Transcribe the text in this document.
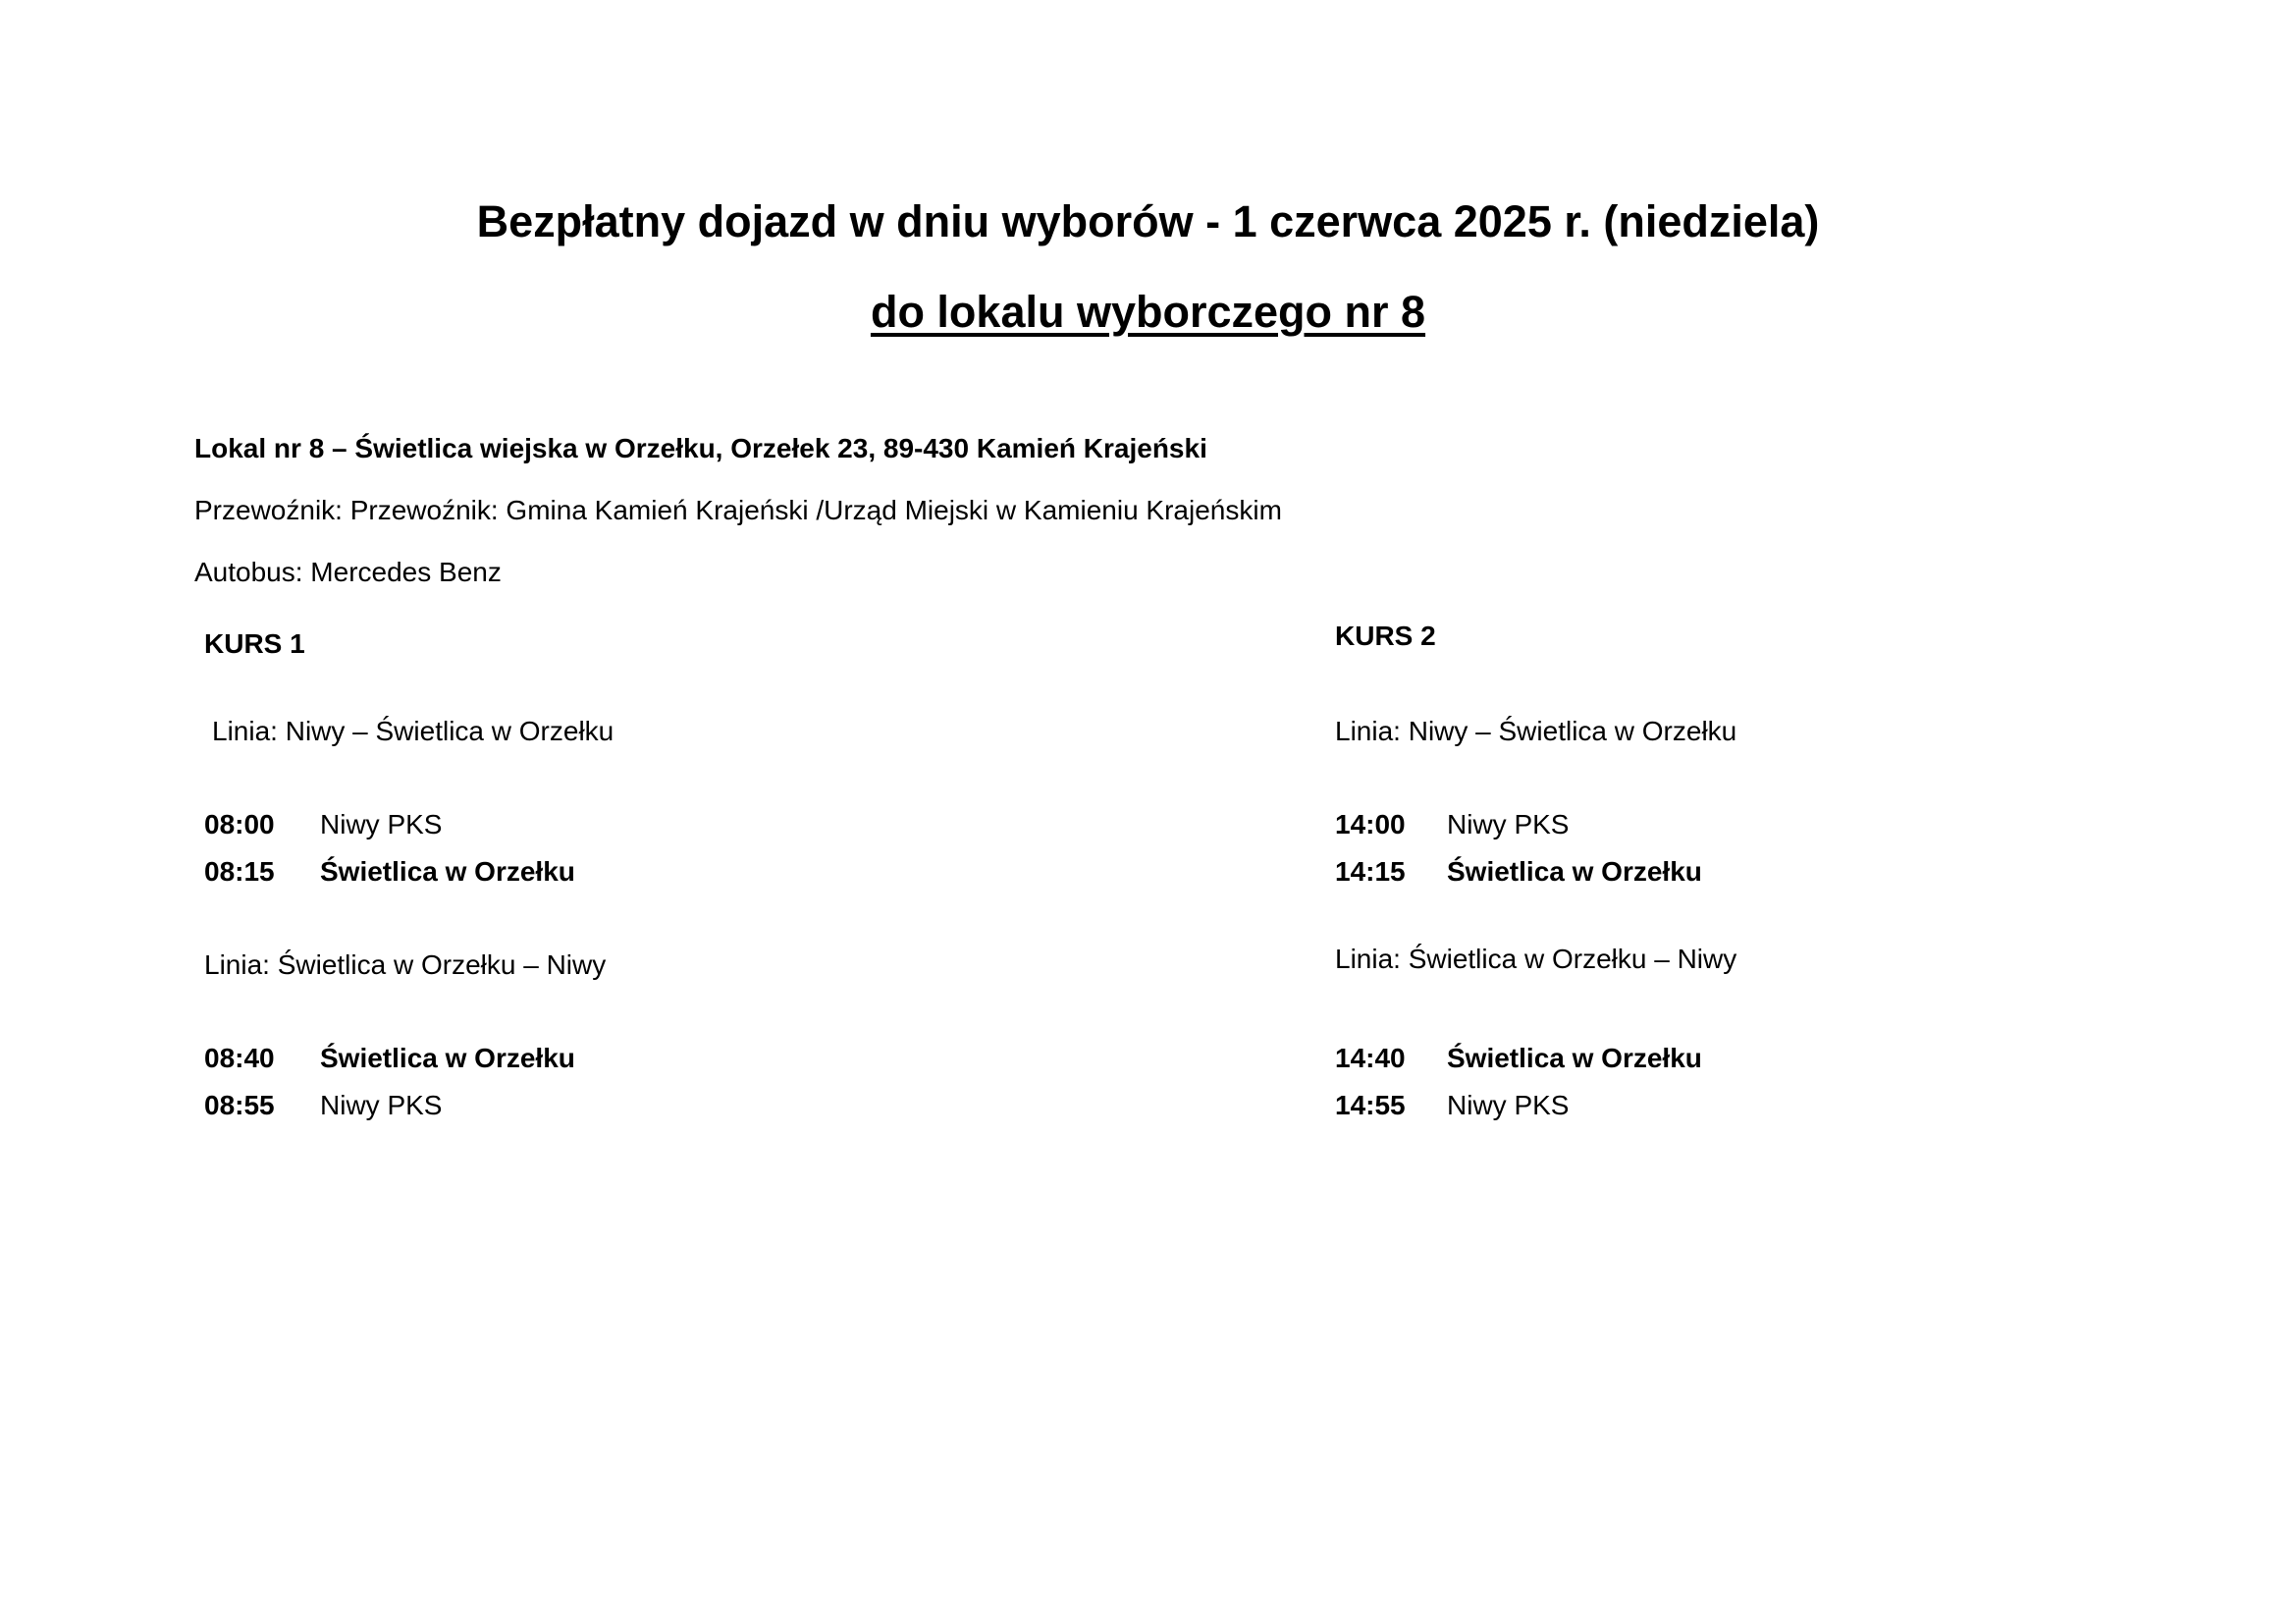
Bezpłatny dojazd w dniu wyborów - 1 czerwca 2025 r. (niedziela)
do lokalu wyborczego nr 8
Lokal nr 8 – Świetlica wiejska w Orzełku, Orzełek 23, 89-430 Kamień Krajeński
Przewoźnik: Przewoźnik: Gmina Kamień Krajeński /Urząd Miejski w Kamieniu Krajeńskim
Autobus: Mercedes Benz
KURS 1
Linia: Niwy – Świetlica w Orzełku
08:00 Niwy PKS
08:15 Świetlica w Orzełku
Linia: Świetlica w Orzełku – Niwy
08:40 Świetlica w Orzełku
08:55 Niwy PKS
KURS 2
Linia: Niwy – Świetlica w Orzełku
14:00 Niwy PKS
14:15 Świetlica w Orzełku
Linia: Świetlica w Orzełku – Niwy
14:40 Świetlica w Orzełku
14:55 Niwy PKS
